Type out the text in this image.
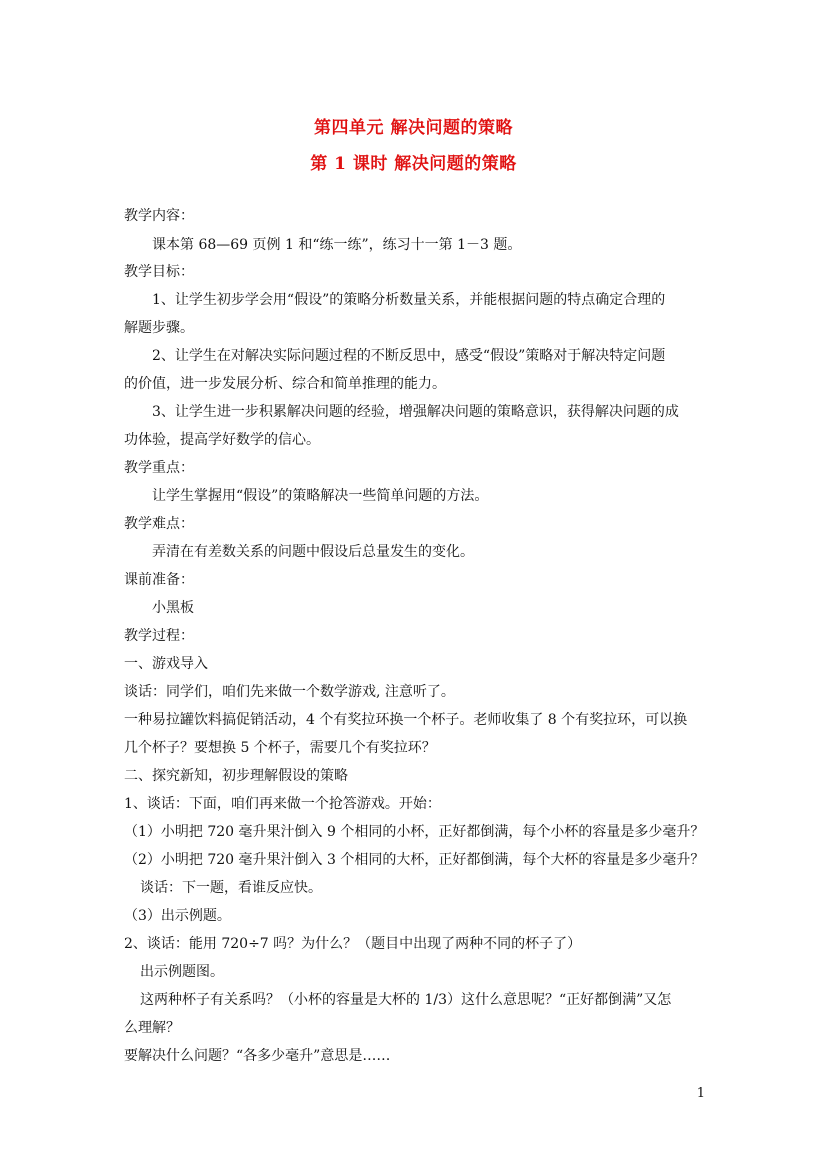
第四单元 解决问题的策略
第 1 课时 解决问题的策略
教学内容：
课本第 68—69 页例 1 和“练一练”，练习十一第 1－3 题。
教学目标：
1、让学生初步学会用“假设”的策略分析数量关系，并能根据问题的特点确定合理的
解题步骤。
2、让学生在对解决实际问题过程的不断反思中，感受“假设”策略对于解决特定问题
的价值，进一步发展分析、综合和简单推理的能力。
3、让学生进一步积累解决问题的经验，增强解决问题的策略意识，获得解决问题的成
功体验，提高学好数学的信心。
教学重点：
让学生掌握用“假设”的策略解决一些简单问题的方法。
教学难点：
弄清在有差数关系的问题中假设后总量发生的变化。
课前准备：
小黑板
教学过程：
一、游戏导入
谈话：同学们，咱们先来做一个数学游戏, 注意听了。
一种易拉罐饮料搞促销活动，4 个有奖拉环换一个杯子。老师收集了 8 个有奖拉环，可以换
几个杯子？要想换 5 个杯子，需要几个有奖拉环？
二、探究新知，初步理解假设的策略
1、谈话：下面，咱们再来做一个抢答游戏。开始：
（1）小明把 720 毫升果汁倒入 9 个相同的小杯，正好都倒满，每个小杯的容量是多少毫升？
（2）小明把 720 毫升果汁倒入 3 个相同的大杯，正好都倒满，每个大杯的容量是多少毫升？
谈话：下一题，看谁反应快。
（3）出示例题。
2、谈话：能用 720÷7 吗？为什么？（题目中出现了两种不同的杯子了）
出示例题图。
这两种杯子有关系吗？（小杯的容量是大杯的 1/3）这什么意思呢？“正好都倒满”又怎
么理解？
要解决什么问题？“各多少毫升”意思是……
1
